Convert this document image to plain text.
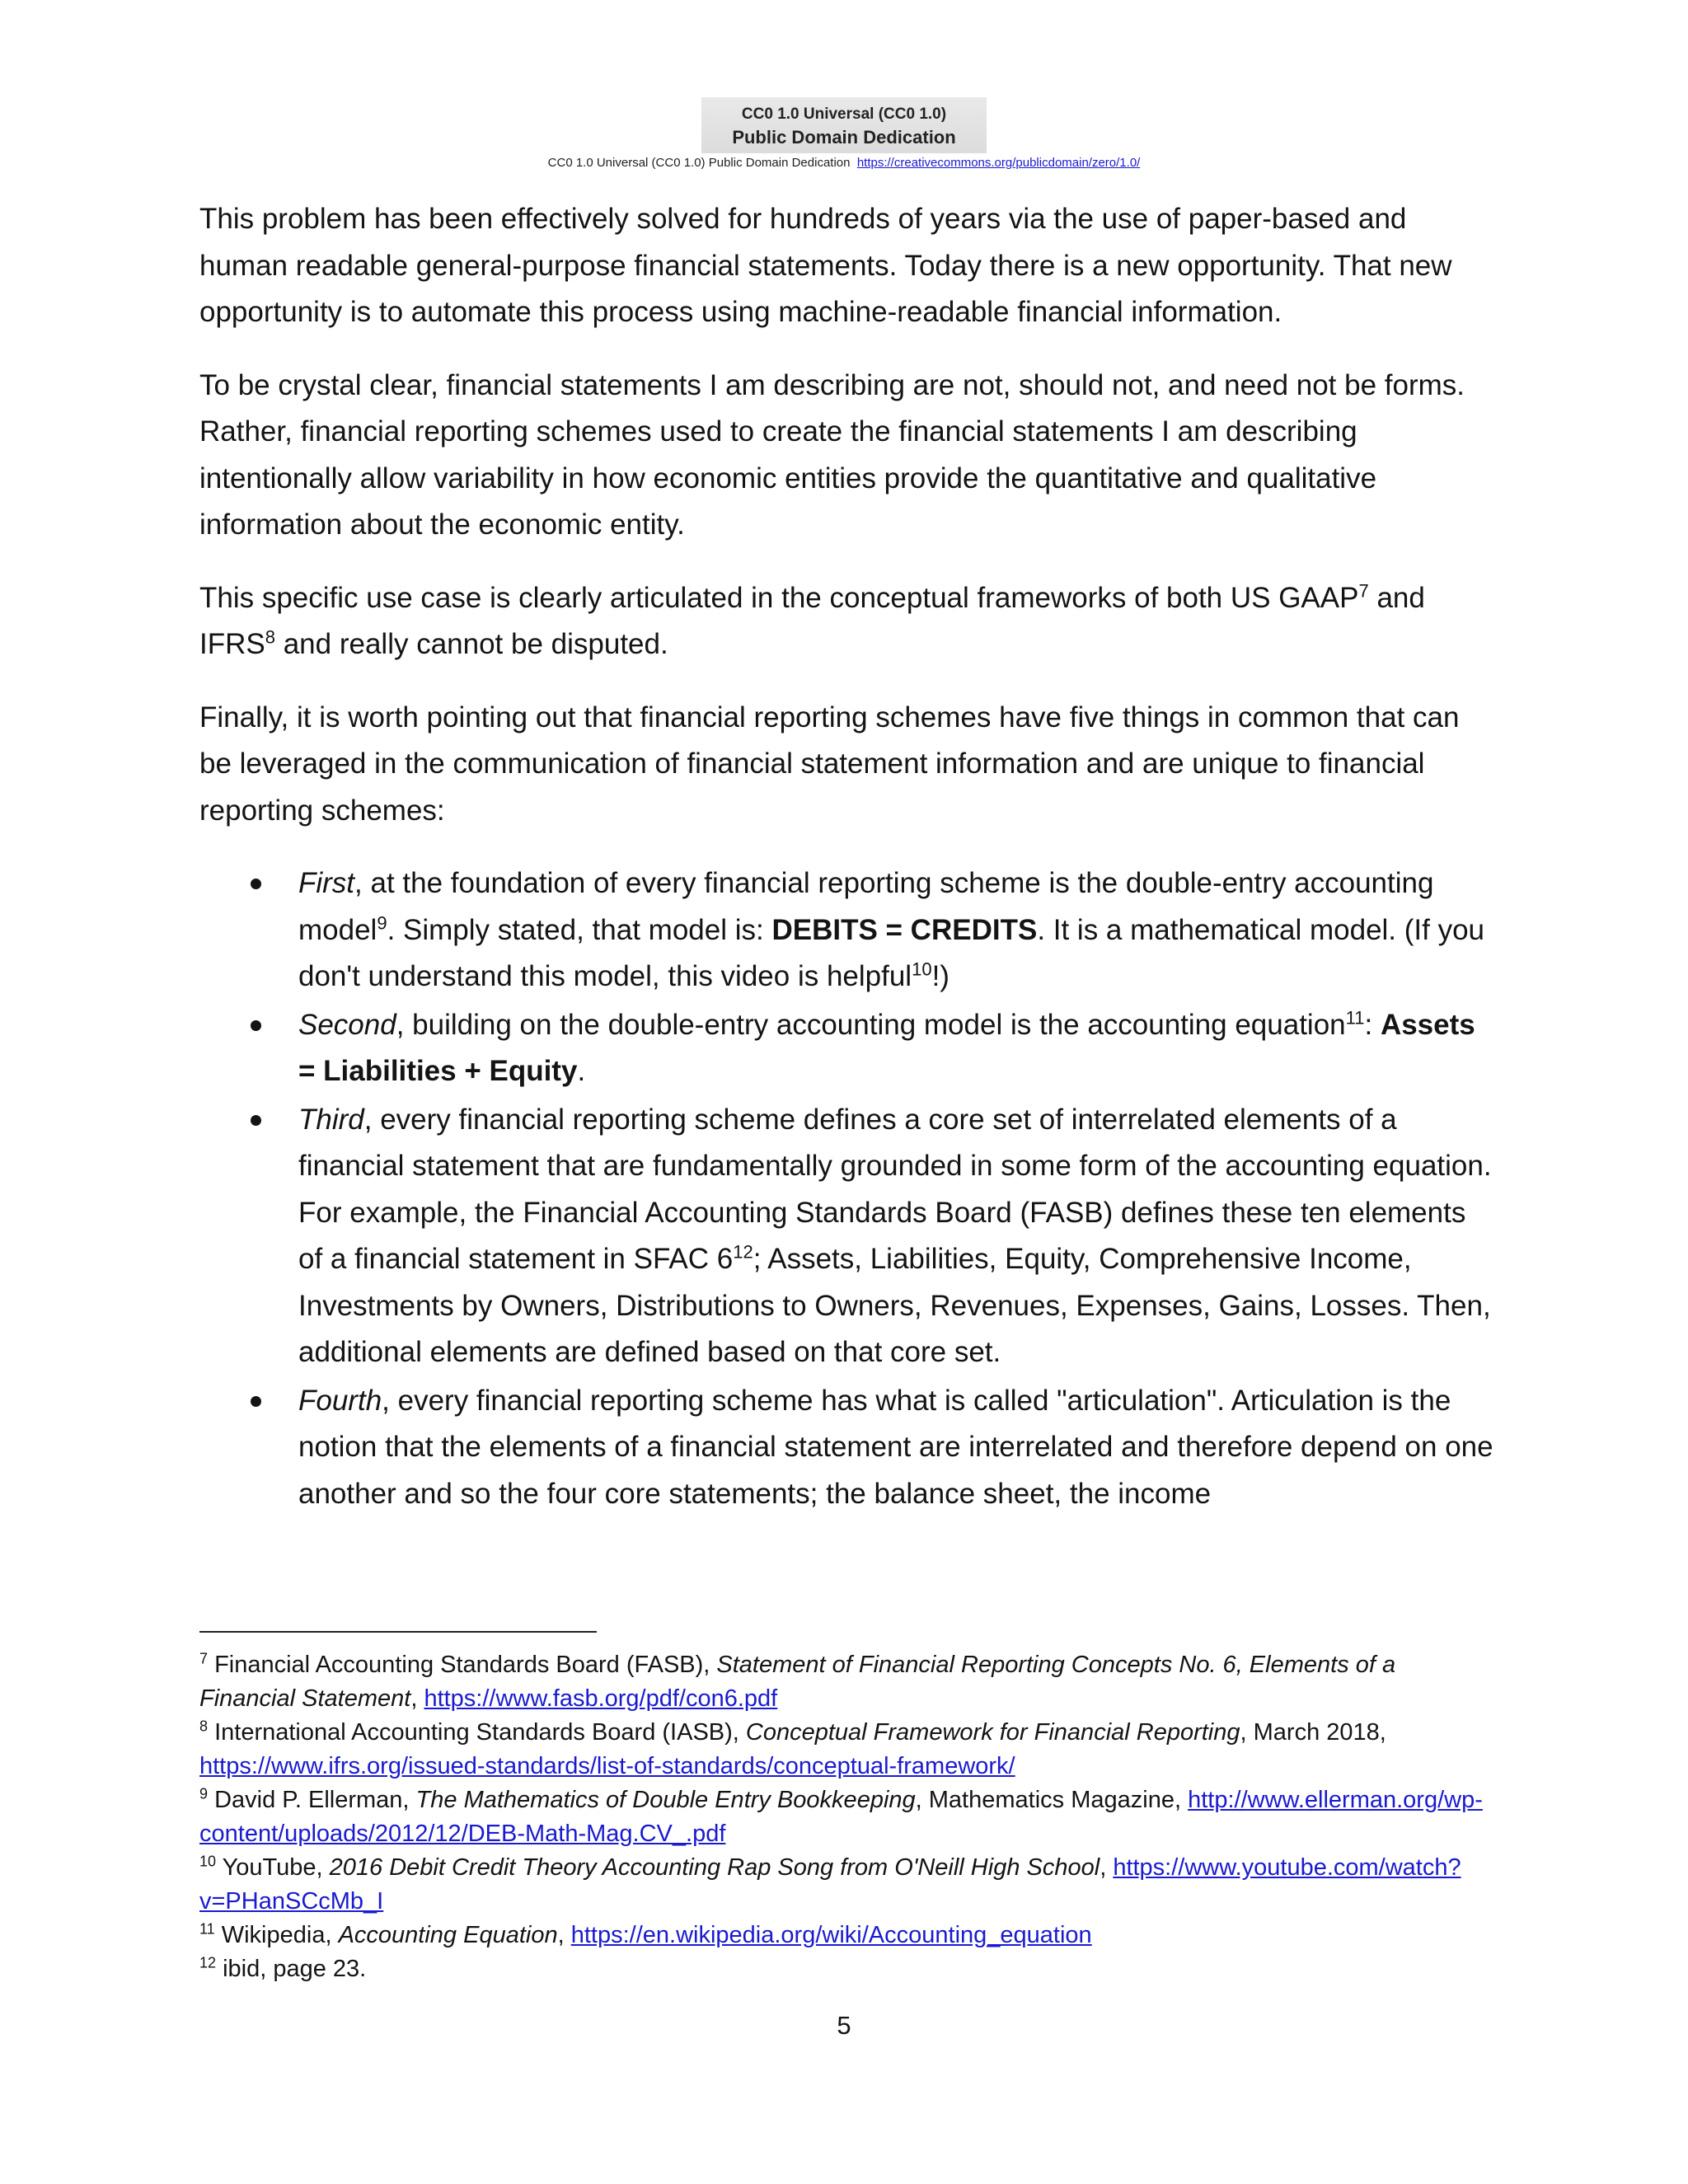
CC0 1.0 Universal (CC0 1.0)
Public Domain Dedication
CC0 1.0 Universal (CC0 1.0) Public Domain Dedication https://creativecommons.org/publicdomain/zero/1.0/

This problem has been effectively solved for hundreds of years via the use of paper-based and human readable general-purpose financial statements. Today there is a new opportunity. That new opportunity is to automate this process using machine-readable financial information.

To be crystal clear, financial statements I am describing are not, should not, and need not be forms. Rather, financial reporting schemes used to create the financial statements I am describing intentionally allow variability in how economic entities provide the quantitative and qualitative information about the economic entity.

This specific use case is clearly articulated in the conceptual frameworks of both US GAAP$^7$ and IFRS$^8$ and really cannot be disputed.

Finally, it is worth pointing out that financial reporting schemes have five things in common that can be leveraged in the communication of financial statement information and are unique to financial reporting schemes:

First, at the foundation of every financial reporting scheme is the double-entry accounting model$^9$. Simply stated, that model is: DEBITS = CREDITS. It is a mathematical model. (If you don't understand this model, this video is helpful$^{10}$!)
Second, building on the double-entry accounting model is the accounting equation$^{11}$: Assets = Liabilities + Equity.
Third, every financial reporting scheme defines a core set of interrelated elements of a financial statement that are fundamentally grounded in some form of the accounting equation. For example, the Financial Accounting Standards Board (FASB) defines these ten elements of a financial statement in SFAC $6^{12}$; Assets, Liabilities, Equity, Comprehensive Income, Investments by Owners, Distributions to Owners, Revenues, Expenses, Gains, Losses. Then, additional elements are defined based on that core set.
Fourth, every financial reporting scheme has what is called "articulation". Articulation is the notion that the elements of a financial statement are interrelated and therefore depend on one another and so the four core statements; the balance sheet, the income
$^7$ Financial Accounting Standards Board (FASB), Statement of Financial Reporting Concepts No. 6, Elements of a Financial Statement, https://www.fasb.org/pdf/con6.pdf
$^8$ International Accounting Standards Board (IASB), Conceptual Framework for Financial Reporting, March 2018, https://www.ifrs.org/issued-standards/list-of-standards/conceptual-framework/
$^9$ David P. Ellerman, The Mathematics of Double Entry Bookkeeping, Mathematics Magazine, http://www.ellerman.org/wp-content/uploads/2012/12/DEB-Math-Mag.CV_.pdf
$^{10}$ YouTube, 2016 Debit Credit Theory Accounting Rap Song from O'Neill High School, https://www.youtube.com/watch?v=PHanSCcMb_I
$^{11}$ Wikipedia, Accounting Equation, https://en.wikipedia.org/wiki/Accounting_equation
$^{12}$ ibid, page 23.
5
